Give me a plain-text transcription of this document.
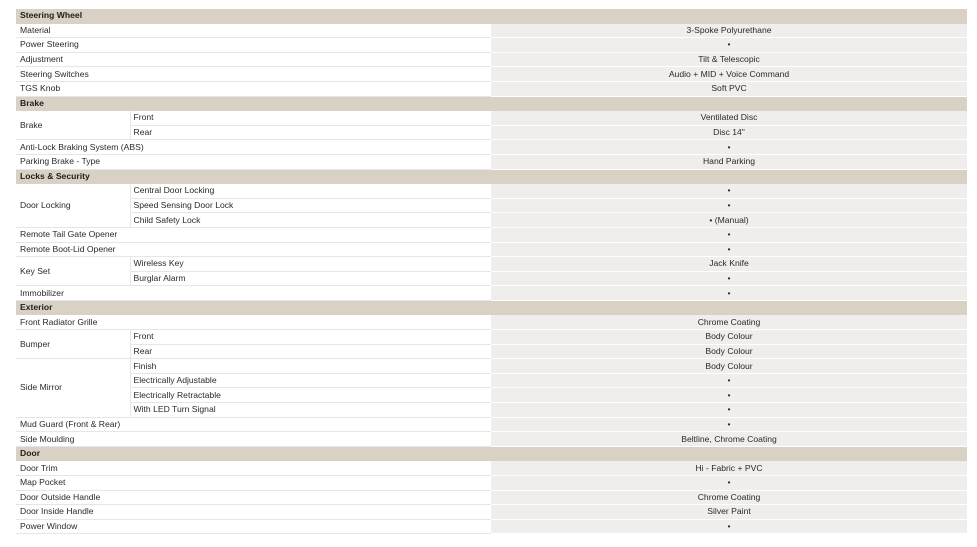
Steering Wheel		
Material		3-Spoke Polyurethane
Power Steering		•
Adjustment		Tilt & Telescopic
Steering Switches		Audio + MID + Voice Command
TGS Knob		Soft PVC
Brake		
Brake	Front	Ventilated Disc
	Rear	Disc 14"
Anti-Lock Braking System (ABS)		•
Parking Brake - Type		Hand Parking
Locks & Security		
Door Locking	Central Door Locking	•
	Speed Sensing Door Lock	•
	Child Safety Lock	• (Manual)
Remote Tail Gate Opener		•
Remote Boot-Lid Opener		•
Key Set	Wireless Key	Jack Knife
	Burglar Alarm	•
Immobilizer		•
Exterior		
Front Radiator Grille		Chrome Coating
Bumper	Front	Body Colour
	Rear	Body Colour
Side Mirror	Finish	Body Colour
	Electrically Adjustable	•
	Electrically Retractable	•
	With LED Turn Signal	•
Mud Guard (Front & Rear)		•
Side Moulding		Beltline, Chrome Coating
Door		
Door Trim		Hi - Fabric + PVC
Map Pocket		•
Door Outside Handle		Chrome Coating
Door Inside Handle		Silver Paint
Power Window		•
